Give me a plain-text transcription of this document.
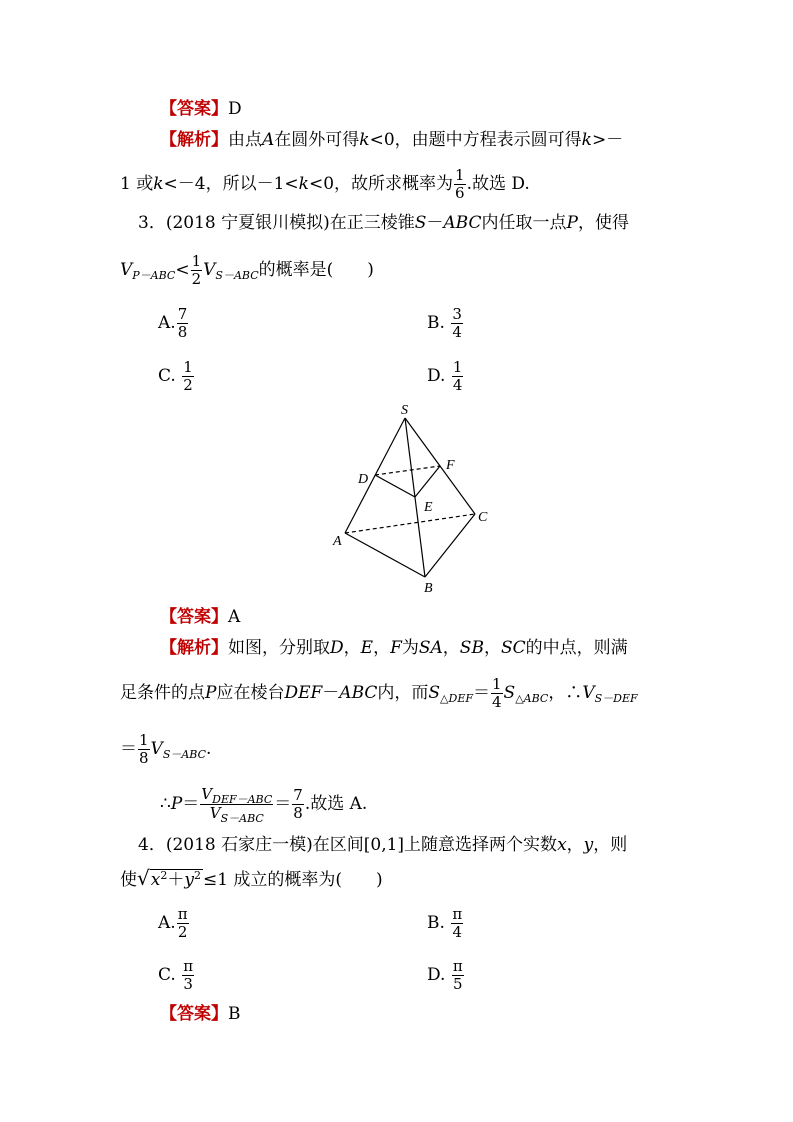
【答案】D
【解析】由点A在圆外可得k<0，由题中方程表示圆可得k>－
1 或k<－4，所以－1<k<0，故所求概率为 $\frac{1}{6}$ .故选 D.
3．(2018 宁夏银川模拟)在正三棱锥S－ABC内任取一点P，使得
$V_{P-ABC}< \frac{1}{2} V_{S-ABC}$的概率是(　　)
A. $\frac{7}{8}$	B. $\frac{3}{4}$
C. $\frac{1}{2}$	D. $\frac{1}{4}$
S
D
F
E
C
A
B
【答案】A
【解析】如图，分别取D，E，F为SA，SB，SC的中点，则满
足条件的点P应在棱台DEF－ABC内，而$S_{\triangle DEF}= \frac{1}{4} S_{\triangle ABC}$，$\therefore V_{S-DEF}$
＝ $\frac{1}{8} V_{S-ABC}$.
∴P＝ $\frac{V_{DEF-ABC}}{V_{S-ABC}} = \frac{7}{8}$ .故选 A.
4．(2018 石家庄一模)在区间[0,1]上随意选择两个实数x，y，则
使$√x^2+y^2 \le 1$ 成立的概率为(　　)
A. $\frac{\pi}{2}$	B. $\frac{\pi}{4}$
C. $\frac{\pi}{3}$	D. $\frac{\pi}{5}$
【答案】B
